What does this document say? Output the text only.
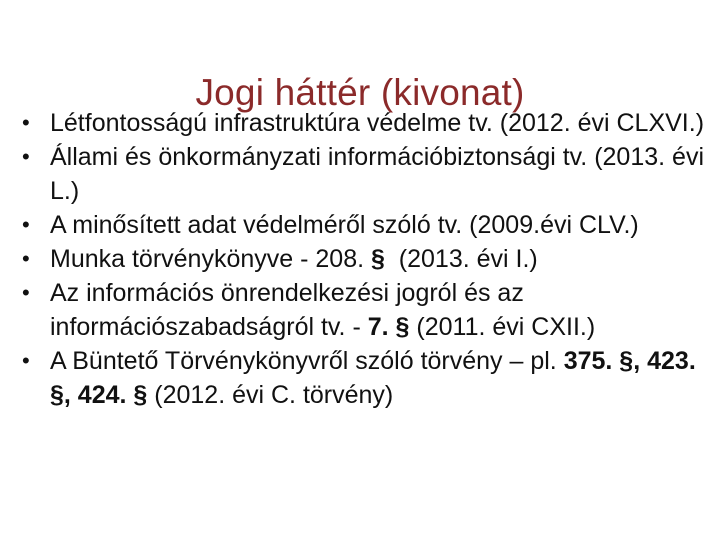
Jogi háttér (kivonat)
• Létfontosságú infrastruktúra védelme tv. (2012. évi CLXVI.)
• Állami és önkormányzati információbiztonsági tv. (2013. évi L.)
• A minősített adat védelméről szóló tv. (2009.évi CLV.)
• Munka törvénykönyve - 208. §  (2013. évi I.)
• Az információs önrendelkezési jogról és az információszabadságról tv. - 7. § (2011. évi CXII.)
• A Büntető Törvénykönyvről szóló törvény – pl. 375. §, 423. §, 424. § (2012. évi C. törvény)
